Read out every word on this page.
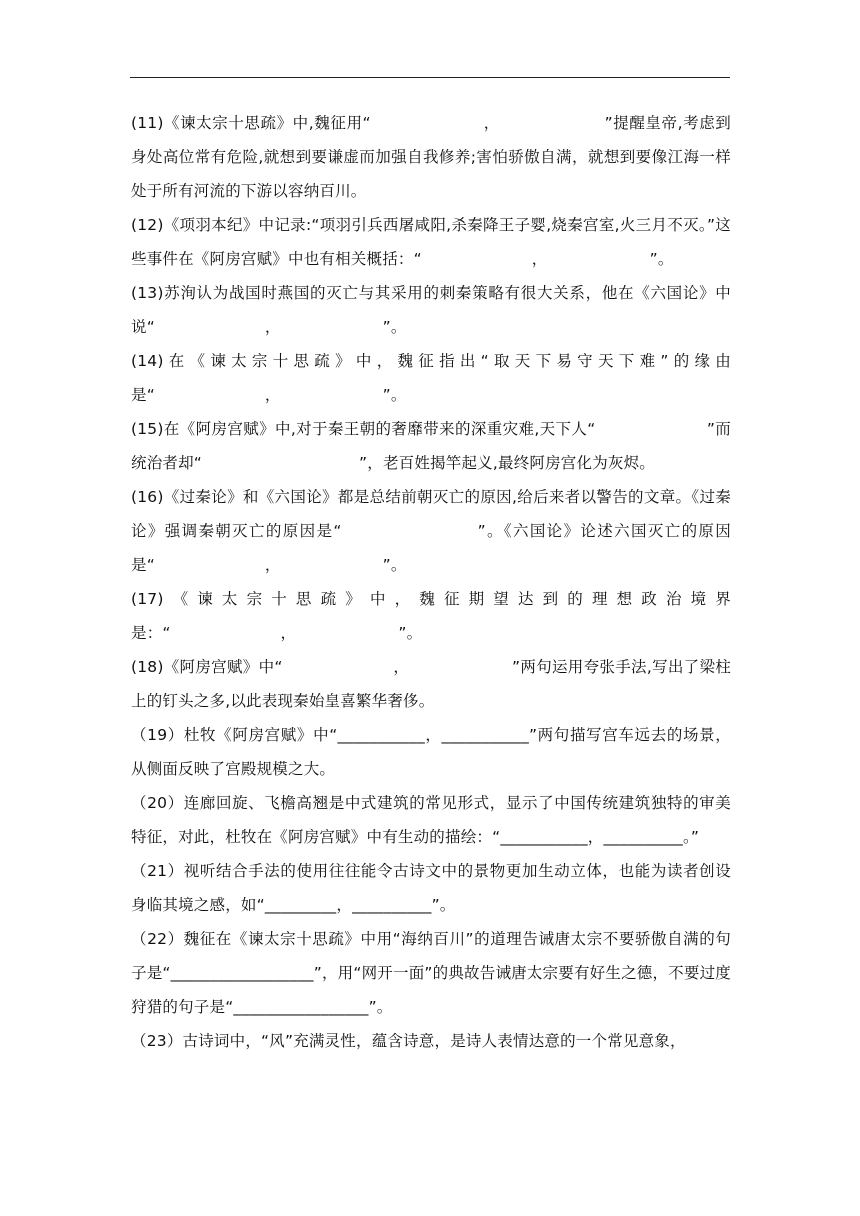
(11)《谏太宗十思疏》中,魏征用“　　　　　　　，　　　　　　　”提醒皇帝,考虑到身处高位常有危险,就想到要谦虚而加强自我修养;害怕骄傲自满，就想到要像江海一样处于所有河流的下游以容纳百川。

(12)《项羽本纪》中记录:“项羽引兵西屠咸阳,杀秦降王子婴,烧秦宫室,火三月不灭。”这些事件在《阿房宫赋》中也有相关概括：“　　　　　　　，　　　　　　　”。

(13)苏洵认为战国时燕国的灭亡与其采用的刺秦策略有很大关系，他在《六国论》中说“　　　　　　　，　　　　　　　”。

(14)在《谏太宗十思疏》中，魏征指出“取天下易守天下难”的缘由是“　　　　　　　，　　　　　　　”。

(15)在《阿房宫赋》中,对于秦王朝的奢靡带来的深重灾难,天下人“　　　　　　　”而统治者却“　　　　　　　　　　”，老百姓揭竿起义,最终阿房宫化为灰烬。

(16)《过秦论》和《六国论》都是总结前朝灭亡的原因,给后来者以警告的文章。《过秦论》强调秦朝灭亡的原因是“　　　　　　　　”。《六国论》论述六国灭亡的原因是“　　　　　　　，　　　　　　　”。

(17)《谏太宗十思疏》中，魏征期望达到的理想政治境界是：“　　　　　　　，　　　　　　　”。

(18)《阿房宫赋》中“　　　　　　　，　　　　　　　”两句运用夸张手法,写出了梁柱上的钉头之多,以此表现秦始皇喜繁华奢侈。

（19）杜牧《阿房宫赋》中“___________，___________”两句描写宫车远去的场景，从侧面反映了宫殿规模之大。

（20）连廊回旋、飞檐高翘是中式建筑的常见形式，显示了中国传统建筑独特的审美特征，对此，杜牧在《阿房宫赋》中有生动的描绘：“___________，__________。”

（21）视听结合手法的使用往往能令古诗文中的景物更加生动立体，也能为读者创设身临其境之感，如“_________，__________”。

（22）魏征在《谏太宗十思疏》中用“海纳百川”的道理告诫唐太宗不要骄傲自满的句子是“__________________”，用“网开一面”的典故告诫唐太宗要有好生之德，不要过度狩猎的句子是“_________________”。

（23）古诗词中，“风”充满灵性，蕴含诗意，是诗人表情达意的一个常见意象，
